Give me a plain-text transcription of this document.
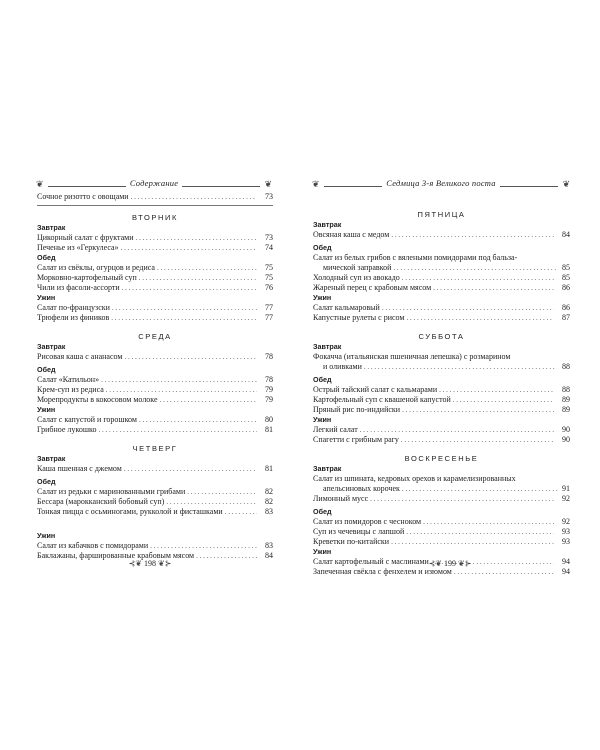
❦	❦
Содержание
Сочное ризотто с овощами . . .	73
ВТОРНИК
Завтрак
Цикорный салат с фруктами . . .	73
Печенье из «Геркулеса» . . .	74
Обед
Салат из свёклы, огурцов и редиса . . .	75
Морковно-картофельный суп . . .	75
Чили из фасоли-ассорти . . .	76
Ужин
Салат по-французски . . .	77
Трюфели из фиников . . .	77
СРЕДА
Завтрак
Рисовая каша с ананасом . . .	78
Обед
Салат «Катильон» . . .	78
Крем-суп из редиса . . .	79
Морепродукты в кокосовом молоке . . .	79
Ужин
Салат с капустой и горошком . . .	80
Грибное лукошко . . .	81
ЧЕТВЕРГ
Завтрак
Каша пшенная с джемом . . .	81
Обед
Салат из редьки с маринованными грибами . . .	82
Бессара (марокканский бобовый суп) . . .	82
Тонкая пицца с осьминогами, рукколой и фисташками . . .	83
Ужин
Салат из кабачков с помидорами . . .	83
Баклажаны, фаршированные крабовым мясом . . .	84
⊰❦ 198 ❦⊱
❦	❦
Седмица 3-я Великого поста
ПЯТНИЦА
Завтрак
Овсяная каша с медом . . .	84
Обед
Салат из белых грибов с вялеными помидорами под бальза-
мической заправкой . . .	85
Холодный суп из авокадо . . .	85
Жареный перец с крабовым мясом . . .	86
Ужин
Салат кальмаровый . . .	86
Капустные рулеты с рисом . . .	87
СУББОТА
Завтрак
Фокачча (итальянская пшеничная лепешка) с розмарином
и оливками . . .	88
Обед
Острый тайский салат с кальмарами . . .	88
Картофельный суп с квашеной капустой . . .	89
Пряный рис по-индийски . . .	89
Ужин
Легкий салат . . .	90
Спагетти с грибным рагу . . .	90
ВОСКРЕСЕНЬЕ
Завтрак
Салат из шпината, кедровых орехов и карамелизированных
апельсиновых корочек . . .	91
Лимонный мусс . . .	92
Обед
Салат из помидоров с чесноком . . .	92
Суп из чечевицы с лапшой . . .	93
Креветки по-китайски . . .	93
Ужин
Салат картофельный с маслинами . . .	94
Запеченная свёкла с фенхелем и изюмом . . .	94
⊰❦ 199 ❦⊱
